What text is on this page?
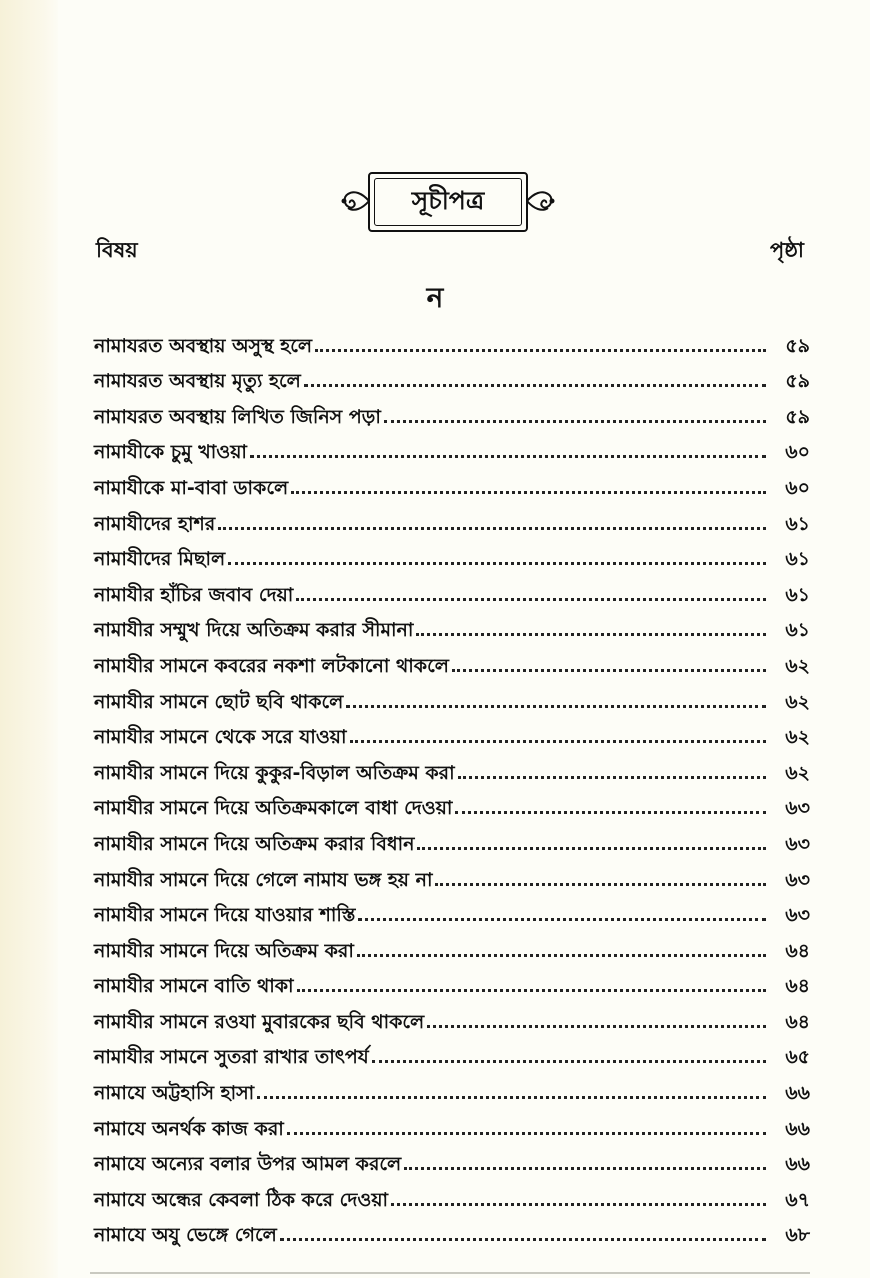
সূচীপত্র
বিষয়	পৃষ্ঠা
ন
নামাযরত অবস্থায় অসুস্থ হলে	৫৯
নামাযরত অবস্থায় মৃত্যু হলে	৫৯
নামাযরত অবস্থায় লিখিত জিনিস পড়া	৫৯
নামাযীকে চুমু খাওয়া	৬০
নামাযীকে মা-বাবা ডাকলে	৬০
নামাযীদের হাশর	৬১
নামাযীদের মিছাল	৬১
নামাযীর হাঁচির জবাব দেয়া	৬১
নামাযীর সম্মুখ দিয়ে অতিক্রম করার সীমানা	৬১
নামাযীর সামনে কবরের নকশা লটকানো থাকলে	৬২
নামাযীর সামনে ছোট ছবি থাকলে	৬২
নামাযীর সামনে থেকে সরে যাওয়া	৬২
নামাযীর সামনে দিয়ে কুকুর-বিড়াল অতিক্রম করা	৬২
নামাযীর সামনে দিয়ে অতিক্রমকালে বাধা দেওয়া	৬৩
নামাযীর সামনে দিয়ে অতিক্রম করার বিধান	৬৩
নামাযীর সামনে দিয়ে গেলে নামায ভঙ্গ হয় না	৬৩
নামাযীর সামনে দিয়ে যাওয়ার শাস্তি	৬৩
নামাযীর সামনে দিয়ে অতিক্রম করা	৬৪
নামাযীর সামনে বাতি থাকা	৬৪
নামাযীর সামনে রওযা মুবারকের ছবি থাকলে	৬৪
নামাযীর সামনে সুতরা রাখার তাৎপর্য	৬৫
নামাযে অট্টহাসি হাসা	৬৬
নামাযে অনর্থক কাজ করা	৬৬
নামাযে অন্যের বলার উপর আমল করলে	৬৬
নামাযে অন্ধের কেবলা ঠিক করে দেওয়া	৬৭
নামাযে অযু ভেঙ্গে গেলে	৬৮
